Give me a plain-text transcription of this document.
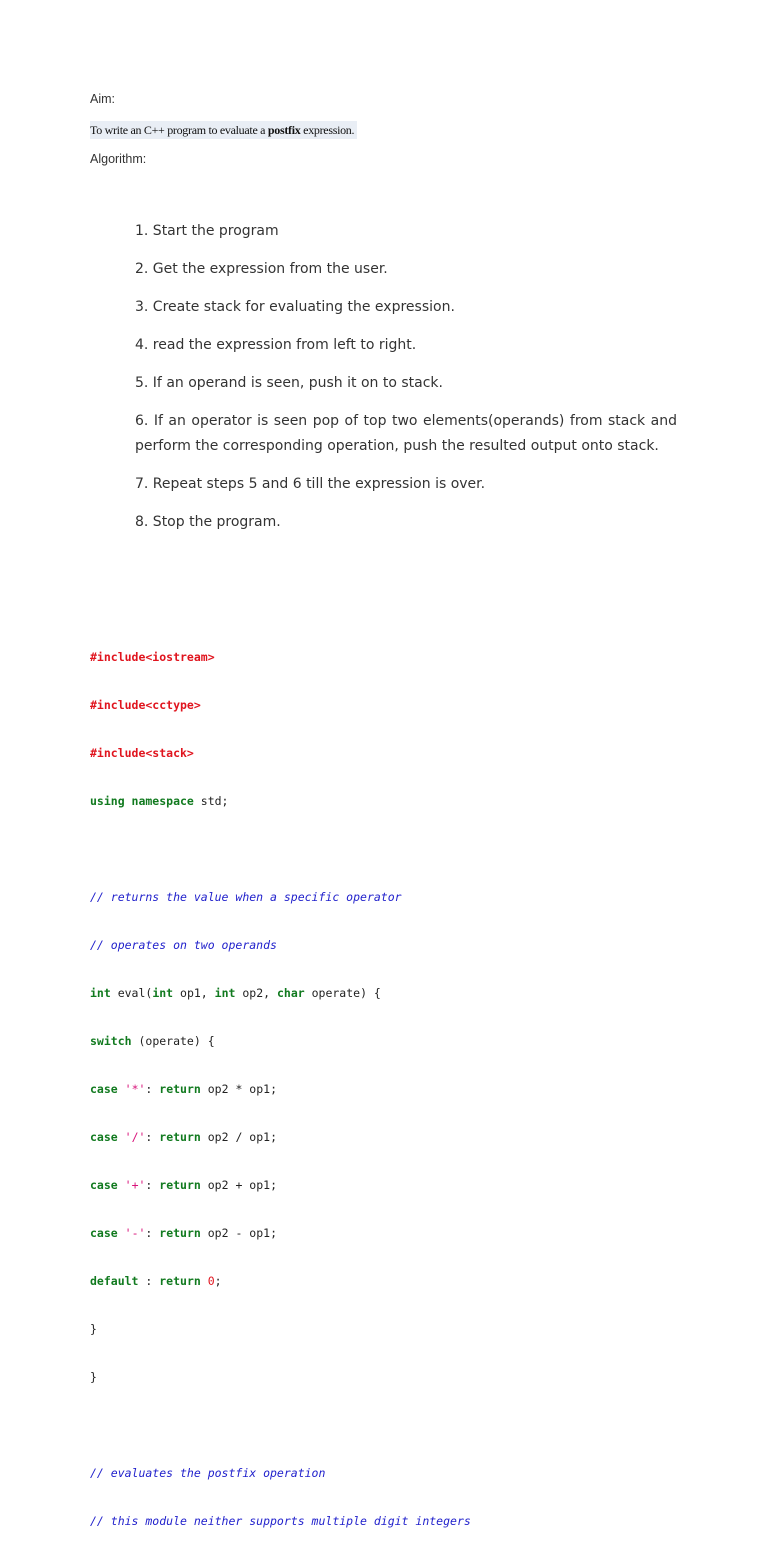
Aim:
To write an C++ program to evaluate a postfix expression.
Algorithm:
1. Start the program
2. Get the expression from the user.
3. Create stack for evaluating the expression.
4. read the expression from left to right.
5. If an operand is seen, push it on to stack.
6. If an operator is seen pop of top two elements(operands) from stack and perform the corresponding operation, push the resulted output onto stack.
7. Repeat steps 5 and 6 till the expression is over.
8. Stop the program.

#include<iostream>

#include<cctype>

#include<stack>

using namespace std;

// returns the value when a specific operator

// operates on two operands

int eval(int op1, int op2, char operate) {

switch (operate) {

case '*': return op2 * op1;

case '/': return op2 / op1;

case '+': return op2 + op1;

case '-': return op2 - op1;

default : return 0;

}

}

// evaluates the postfix operation

// this module neither supports multiple digit integers
